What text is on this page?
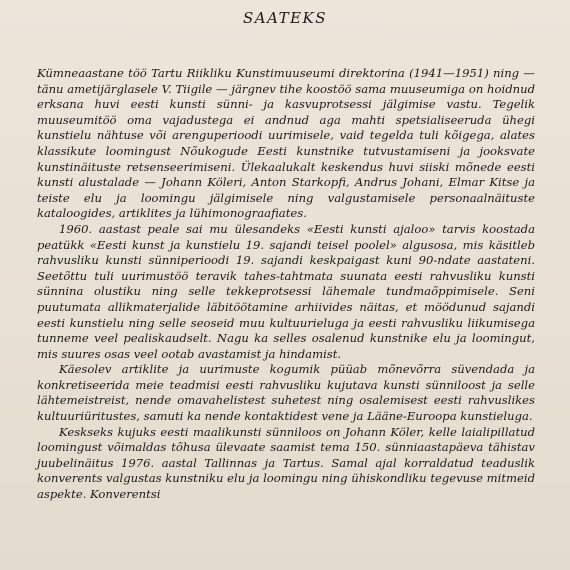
SAATEKS

Kümneaastane töö Tartu Riikliku Kunstimuuseumi direktorina (1941—1951) ning — tänu ametijärglasele V. Tiigile — järgnev tihe koostöö sama muuseumiga on hoidnud erksana huvi eesti kunsti sünni- ja kasvuprotsessi jälgimise vastu. Tegelik muuseumitöö oma vajadustega ei andnud aga mahti spetsialiseeruda ühegi kunstielu nähtuse või arenguperioodi uurimisele, vaid tegelda tuli kõigega, alates klassikute loomingust Nõukogude Eesti kunstnike tutvustamiseni ja jooksvate kunstinäituste retsenseerimiseni. Ülekaalukalt keskendus huvi siiski mõnede eesti kunsti alustalade — Johann Köleri, Anton Starkopfi, Andrus Johani, Elmar Kitse ja teiste elu ja loomingu jälgimisele ning valgustamisele personaalnäituste kataloogides, artiklites ja lühimonograafiates.

1960. aastast peale sai mu ülesandeks «Eesti kunsti ajaloo» tarvis koostada peatükk «Eesti kunst ja kunstielu 19. sajandi teisel poolel» algusosa, mis käsitleb rahvusliku kunsti sünniperioodi 19. sajandi keskpaigast kuni 90-ndate aastateni. Seetõttu tuli uurimustöö teravik tahes-tahtmata suunata eesti rahvusliku kunsti sünnina olustiku ning selle tekkeprotsessi lähemale tundmaõppimisele. Seni puutumata allikmaterjalide läbitöötamine arhiivides näitas, et möödunud sajandi eesti kunstielu ning selle seoseid muu kultuurieluga ja eesti rahvusliku liikumisega tunneme veel pealiskaudselt. Nagu ka selles osalenud kunstnike elu ja loomingut, mis suures osas veel ootab avastamist ja hindamist.

Käesolev artiklite ja uurimuste kogumik püüab mõnevõrra süvendada ja konkretiseerida meie teadmisi eesti rahvusliku kujutava kunsti sünniloost ja selle lähtemeistreist, nende omavahelistest suhetest ning osalemisest eesti rahvuslikes kultuuriüritustes, samuti ka nende kontaktidest vene ja Lääne-Euroopa kunstieluga.

Keskseks kujuks eesti maalikunsti sünniloos on Johann Köler, kelle laialipillatud loomingust võimaldas tõhusa ülevaate saamist tema 150. sünniaastapäeva tähistav juubelinäitus 1976. aastal Tallinnas ja Tartus. Samal ajal korraldatud teaduslik konverents valgustas kunstniku elu ja loomingu ning ühiskondliku tegevuse mitmeid aspekte. Konverentsi
